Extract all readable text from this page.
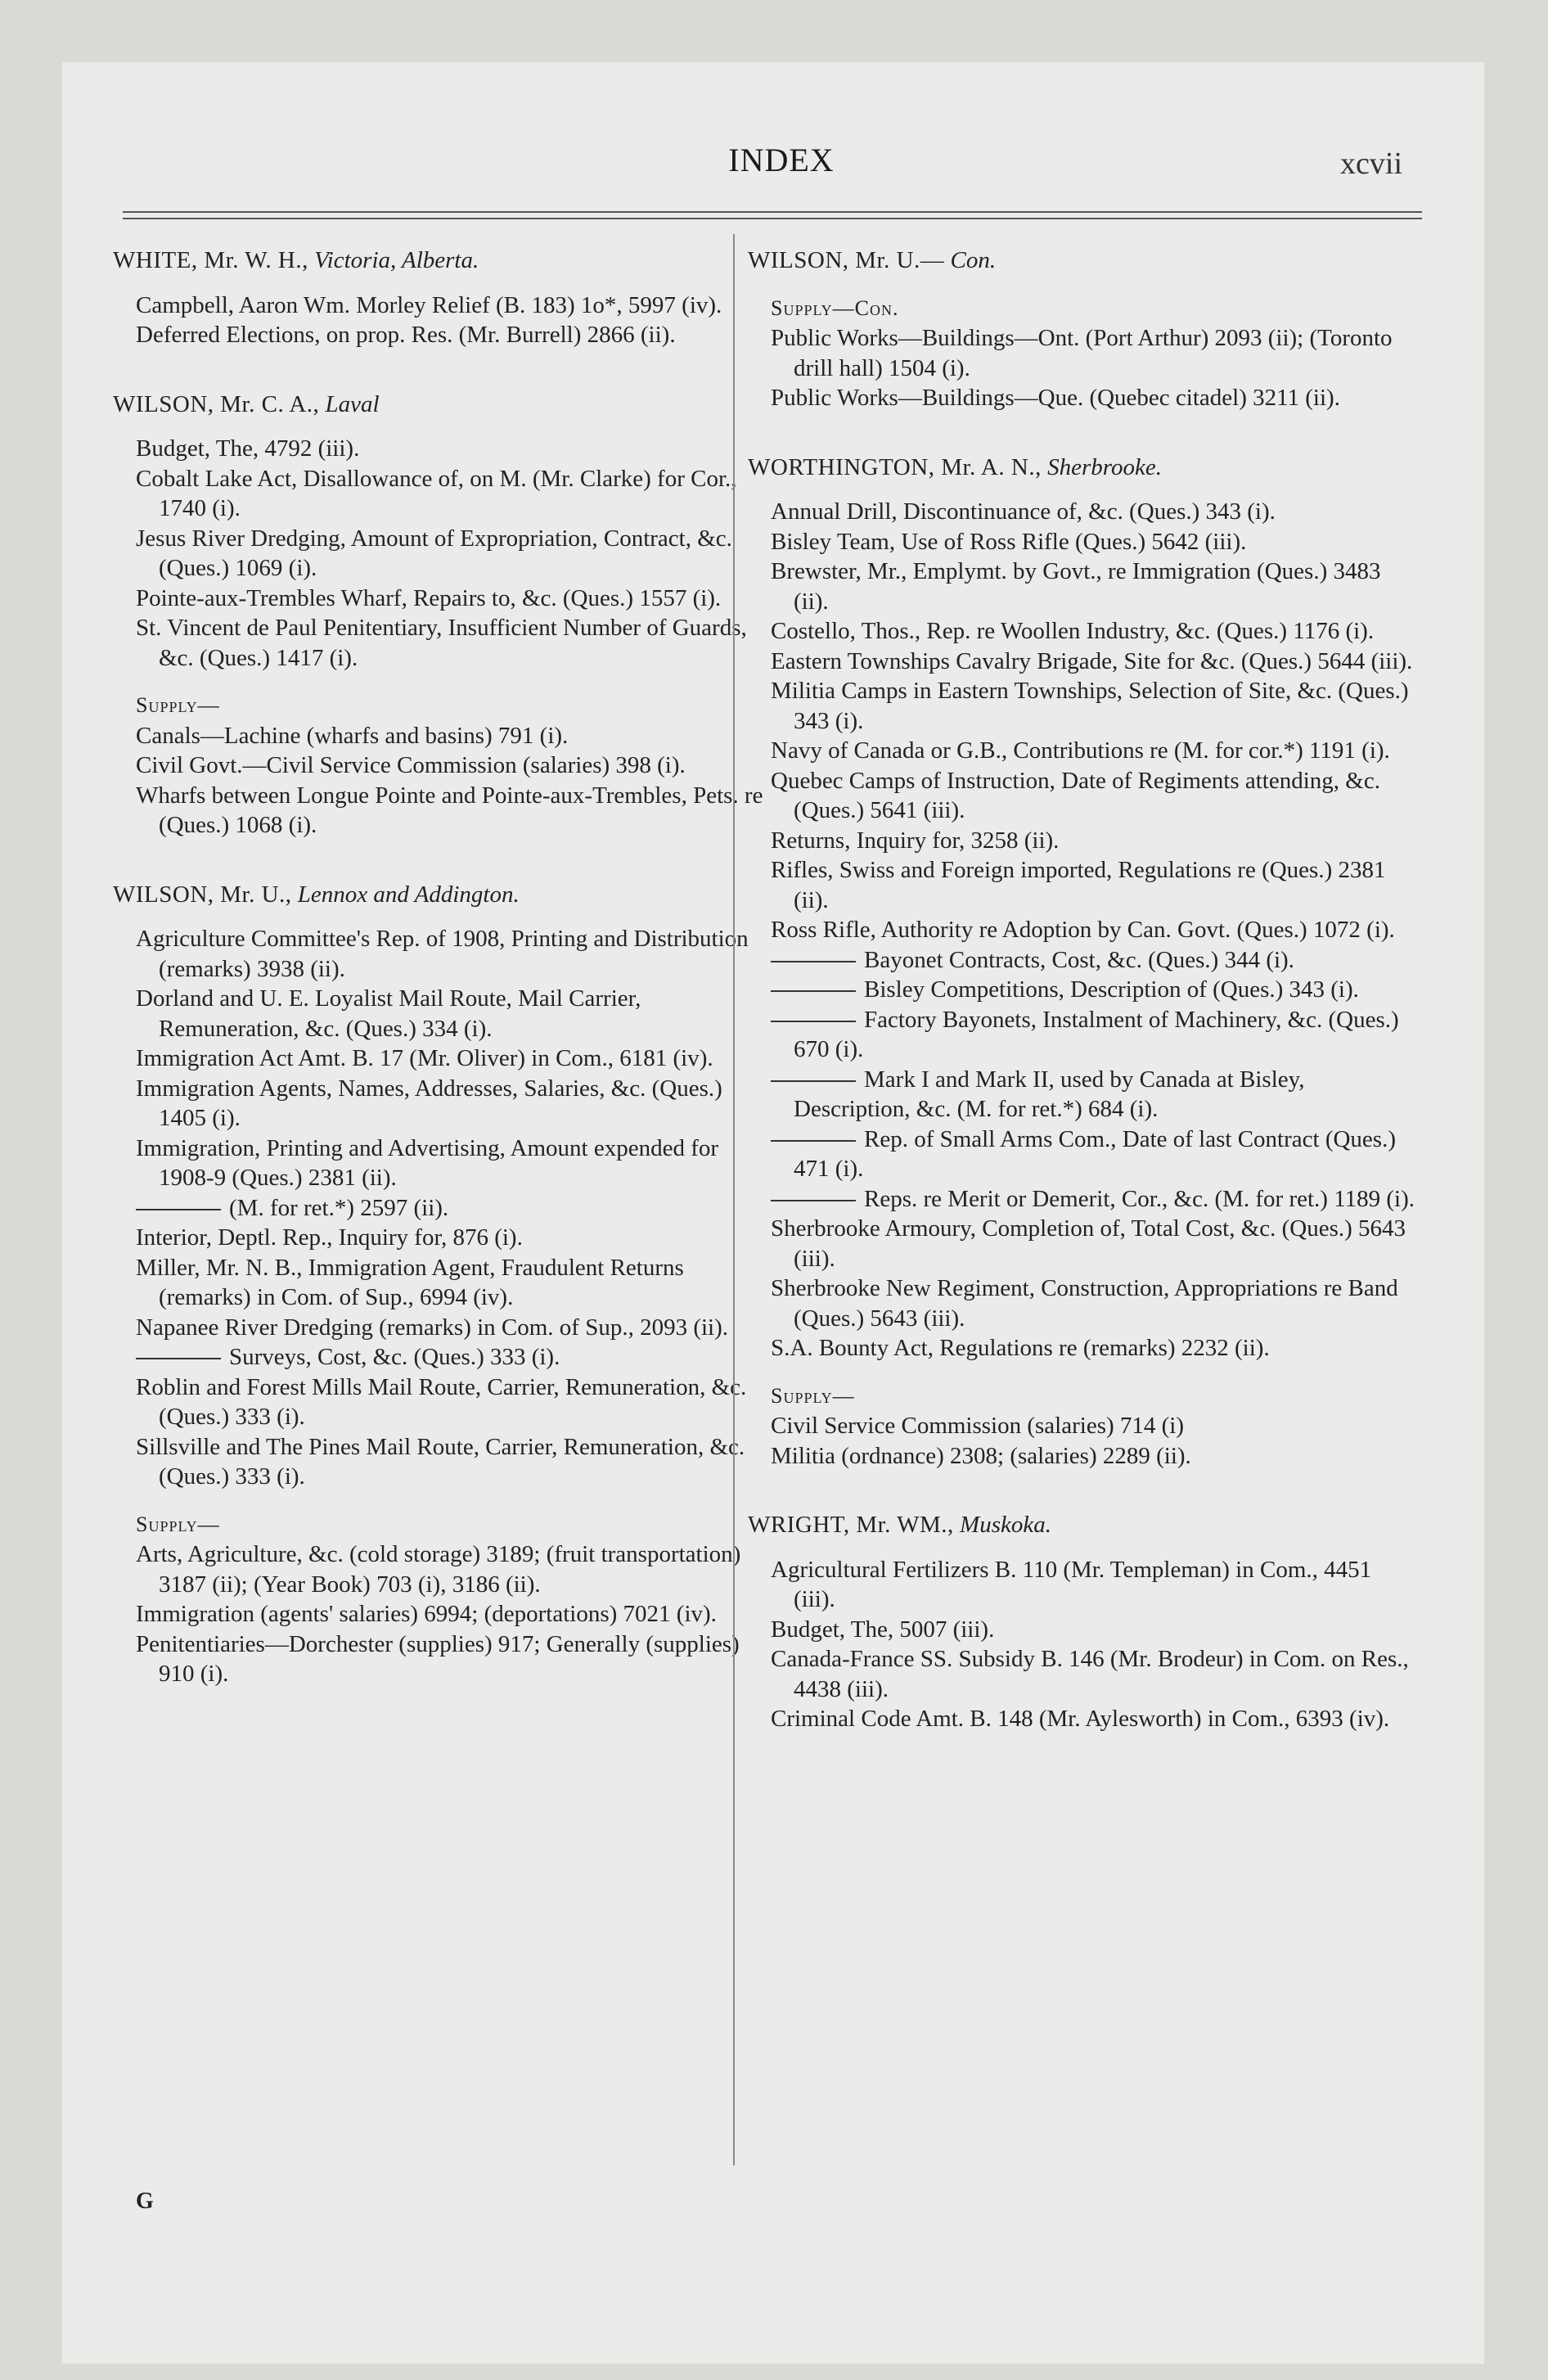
INDEX	xcvii
WHITE, Mr. W. H., Victoria, Alberta.
Campbell, Aaron Wm. Morley Relief (B. 183) 1o*, 5997 (iv).
Deferred Elections, on prop. Res. (Mr. Burrell) 2866 (ii).
WILSON, Mr. C. A., Laval
Budget, The, 4792 (iii).
Cobalt Lake Act, Disallowance of, on M. (Mr. Clarke) for Cor., 1740 (i).
Jesus River Dredging, Amount of Expropriation, Contract, &c. (Ques.) 1069 (i).
Pointe-aux-Trembles Wharf, Repairs to, &c. (Ques.) 1557 (i).
St. Vincent de Paul Penitentiary, Insufficient Number of Guards, &c. (Ques.) 1417 (i).
Supply—
Canals—Lachine (wharfs and basins) 791 (i).
Civil Govt.—Civil Service Commission (salaries) 398 (i).
Wharfs between Longue Pointe and Pointe-aux-Trembles, Pets. re (Ques.) 1068 (i).
WILSON, Mr. U., Lennox and Addington.
Agriculture Committee's Rep. of 1908, Printing and Distribution (remarks) 3938 (ii).
Dorland and U. E. Loyalist Mail Route, Mail Carrier, Remuneration, &c. (Ques.) 334 (i).
Immigration Act Amt. B. 17 (Mr. Oliver) in Com., 6181 (iv).
Immigration Agents, Names, Addresses, Salaries, &c. (Ques.) 1405 (i).
Immigration, Printing and Advertising, Amount expended for 1908-9 (Ques.) 2381 (ii).
(M. for ret.*) 2597 (ii).
Interior, Deptl. Rep., Inquiry for, 876 (i).
Miller, Mr. N. B., Immigration Agent, Fraudulent Returns (remarks) in Com. of Sup., 6994 (iv).
Napanee River Dredging (remarks) in Com. of Sup., 2093 (ii).
Surveys, Cost, &c. (Ques.) 333 (i).
Roblin and Forest Mills Mail Route, Carrier, Remuneration, &c. (Ques.) 333 (i).
Sillsville and The Pines Mail Route, Carrier, Remuneration, &c. (Ques.) 333 (i).
Supply—
Arts, Agriculture, &c. (cold storage) 3189; (fruit transportation) 3187 (ii); (Year Book) 703 (i), 3186 (ii).
Immigration (agents' salaries) 6994; (deportations) 7021 (iv).
Penitentiaries—Dorchester (supplies) 917; Generally (supplies) 910 (i).
WILSON, Mr. U.— Con.
Supply—Con.
Public Works—Buildings—Ont. (Port Arthur) 2093 (ii); (Toronto drill hall) 1504 (i).
Public Works—Buildings—Que. (Quebec citadel) 3211 (ii).
WORTHINGTON, Mr. A. N., Sherbrooke.
Annual Drill, Discontinuance of, &c. (Ques.) 343 (i).
Bisley Team, Use of Ross Rifle (Ques.) 5642 (iii).
Brewster, Mr., Emplymt. by Govt., re Immigration (Ques.) 3483 (ii).
Costello, Thos., Rep. re Woollen Industry, &c. (Ques.) 1176 (i).
Eastern Townships Cavalry Brigade, Site for &c. (Ques.) 5644 (iii).
Militia Camps in Eastern Townships, Selection of Site, &c. (Ques.) 343 (i).
Navy of Canada or G.B., Contributions re (M. for cor.*) 1191 (i).
Quebec Camps of Instruction, Date of Regiments attending, &c. (Ques.) 5641 (iii).
Returns, Inquiry for, 3258 (ii).
Rifles, Swiss and Foreign imported, Regulations re (Ques.) 2381 (ii).
Ross Rifle, Authority re Adoption by Can. Govt. (Ques.) 1072 (i).
Bayonet Contracts, Cost, &c. (Ques.) 344 (i).
Bisley Competitions, Description of (Ques.) 343 (i).
Factory Bayonets, Instalment of Machinery, &c. (Ques.) 670 (i).
Mark I and Mark II, used by Canada at Bisley, Description, &c. (M. for ret.*) 684 (i).
Rep. of Small Arms Com., Date of last Contract (Ques.) 471 (i).
Reps. re Merit or Demerit, Cor., &c. (M. for ret.) 1189 (i).
Sherbrooke Armoury, Completion of, Total Cost, &c. (Ques.) 5643 (iii).
Sherbrooke New Regiment, Construction, Appropriations re Band (Ques.) 5643 (iii).
S.A. Bounty Act, Regulations re (remarks) 2232 (ii).
Supply—
Civil Service Commission (salaries) 714 (i)
Militia (ordnance) 2308; (salaries) 2289 (ii).
WRIGHT, Mr. WM., Muskoka.
Agricultural Fertilizers B. 110 (Mr. Templeman) in Com., 4451 (iii).
Budget, The, 5007 (iii).
Canada-France SS. Subsidy B. 146 (Mr. Brodeur) in Com. on Res., 4438 (iii).
Criminal Code Amt. B. 148 (Mr. Aylesworth) in Com., 6393 (iv).
G
